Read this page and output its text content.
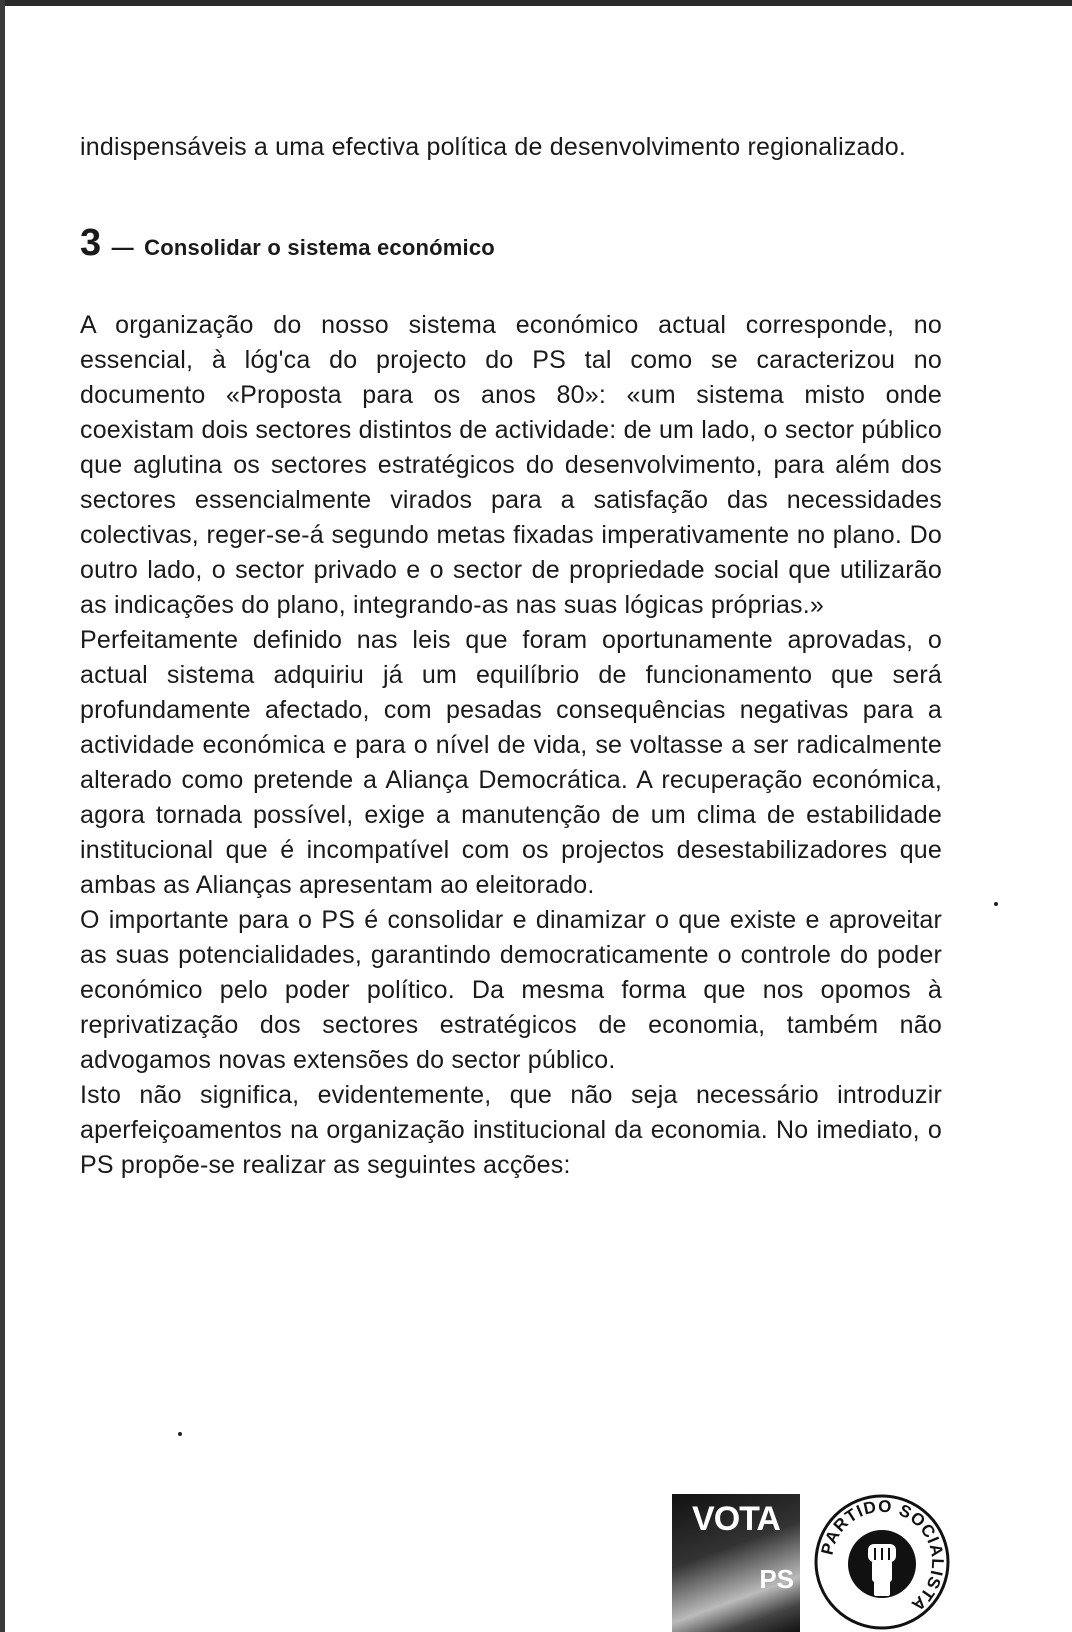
indispensáveis a uma efectiva política de desenvolvimento regionalizado.

3 — Consolidar o sistema económico

A organização do nosso sistema económico actual corresponde, no essencial, à lóg'ca do projecto do PS tal como se caracterizou no documento «Proposta para os anos 80»: «um sistema misto onde coexistam dois sectores distintos de actividade: de um lado, o sector público que aglutina os sectores estratégicos do desenvolvimento, para além dos sectores essencialmente virados para a satisfação das necessidades colectivas, reger-se-á segundo metas fixadas imperativamente no plano. Do outro lado, o sector privado e o sector de propriedade social que utilizarão as indicações do plano, integrando-as nas suas lógicas próprias.»

Perfeitamente definido nas leis que foram oportunamente aprovadas, o actual sistema adquiriu já um equilíbrio de funcionamento que será profundamente afectado, com pesadas consequências negativas para a actividade económica e para o nível de vida, se voltasse a ser radicalmente alterado como pretende a Aliança Democrática. A recuperação económica, agora tornada possível, exige a manutenção de um clima de estabilidade institucional que é incompatível com os projectos desestabilizadores que ambas as Alianças apresentam ao eleitorado.

O importante para o PS é consolidar e dinamizar o que existe e aproveitar as suas potencialidades, garantindo democraticamente o controle do poder económico pelo poder político. Da mesma forma que nos opomos à reprivatização dos sectores estratégicos de economia, também não advogamos novas extensões do sector público.

Isto não significa, evidentemente, que não seja necessário introduzir aperfeiçoamentos na organização institucional da economia. No imediato, o PS propõe-se realizar as seguintes acções:

VOTA
PS
PARTIDO SOCIALISTA
